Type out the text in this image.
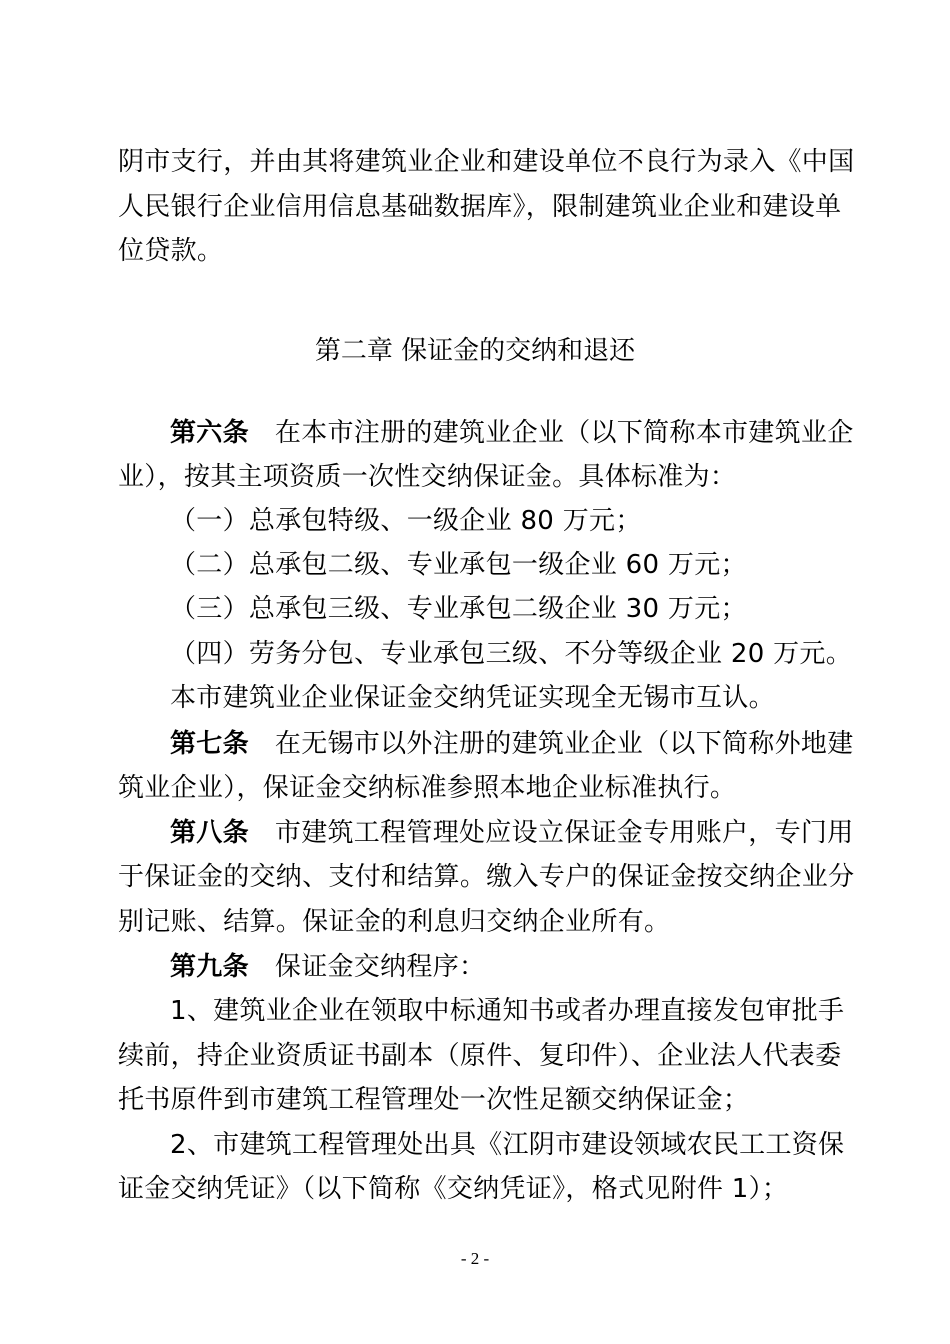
阴市支行，并由其将建筑业企业和建设单位不良行为录入《中国
人民银行企业信用信息基础数据库》，限制建筑业企业和建设单
位贷款。
第二章 保证金的交纳和退还
第六条 在本市注册的建筑业企业（以下简称本市建筑业企
业），按其主项资质一次性交纳保证金。具体标准为：
（一）总承包特级、一级企业 80 万元；
（二）总承包二级、专业承包一级企业 60 万元；
（三）总承包三级、专业承包二级企业 30 万元；
（四）劳务分包、专业承包三级、不分等级企业 20 万元。
本市建筑业企业保证金交纳凭证实现全无锡市互认。
第七条 在无锡市以外注册的建筑业企业（以下简称外地建
筑业企业），保证金交纳标准参照本地企业标准执行。
第八条 市建筑工程管理处应设立保证金专用账户，专门用
于保证金的交纳、支付和结算。缴入专户的保证金按交纳企业分
别记账、结算。保证金的利息归交纳企业所有。
第九条 保证金交纳程序：
1、建筑业企业在领取中标通知书或者办理直接发包审批手
续前，持企业资质证书副本（原件、复印件）、企业法人代表委
托书原件到市建筑工程管理处一次性足额交纳保证金；
2、市建筑工程管理处出具《江阴市建设领域农民工工资保
证金交纳凭证》（以下简称《交纳凭证》，格式见附件 1）；
- 2 -
